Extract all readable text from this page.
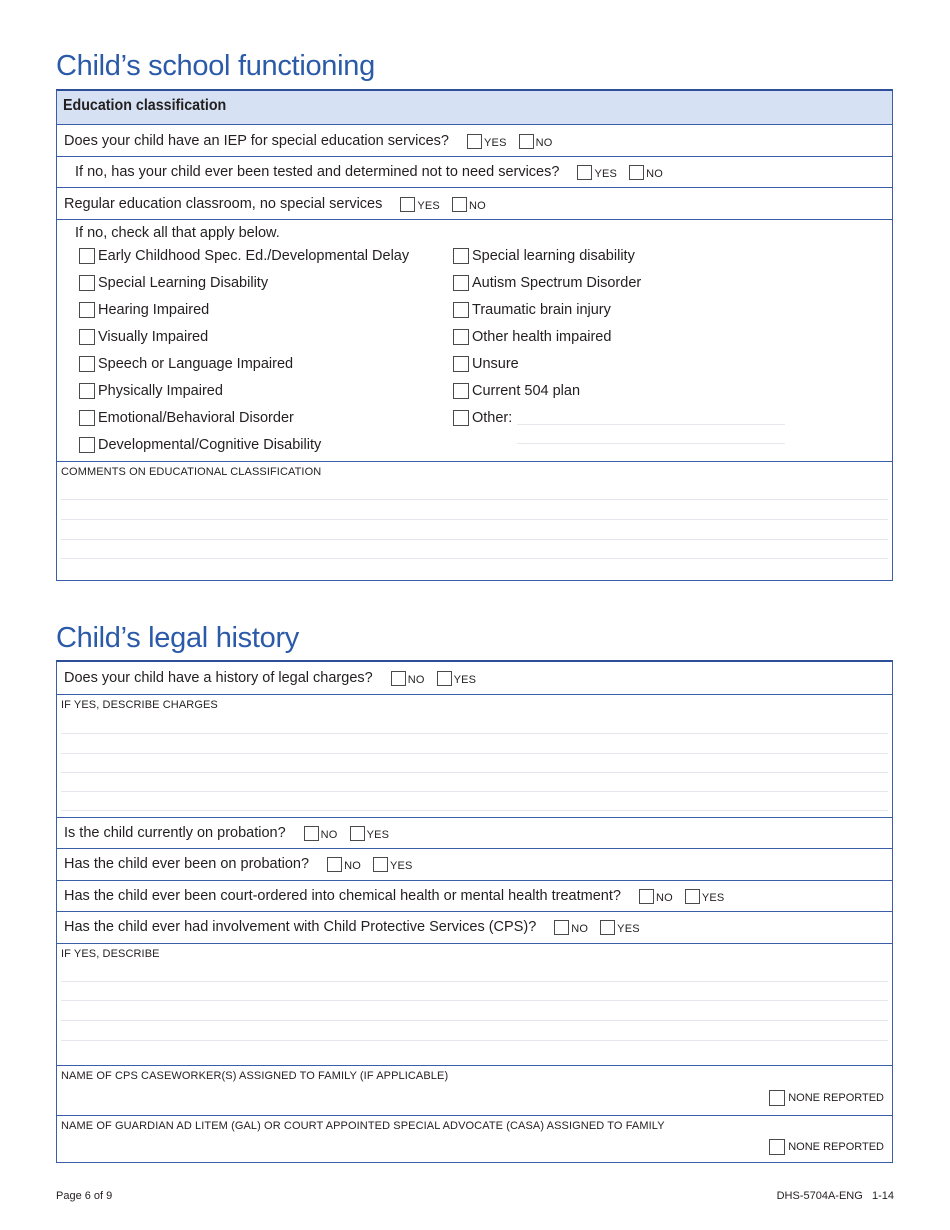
Child’s school functioning
Education classification
Does your child have an IEP for special education services?	YES	NO
If no, has your child ever been tested and determined not to need services?	YES	NO
Regular education classroom, no special services	YES	NO
If no, check all that apply below.
Early Childhood Spec. Ed./Developmental Delay
Special Learning Disability
Hearing Impaired
Visually Impaired
Speech or Language Impaired
Physically Impaired
Emotional/Behavioral Disorder
Developmental/Cognitive Disability
Special learning disability
Autism Spectrum Disorder
Traumatic brain injury
Other health impaired
Unsure
Current 504 plan
Other:
COMMENTS ON EDUCATIONAL CLASSIFICATION
Child’s legal history
Does your child have a history of legal charges?	NO	YES
IF YES, DESCRIBE CHARGES
Is the child currently on probation?	NO	YES
Has the child ever been on probation?	NO	YES
Has the child ever been court-ordered into chemical health or mental health treatment?	NO	YES
Has the child ever had involvement with Child Protective Services (CPS)?	NO	YES
IF YES, DESCRIBE
NAME OF CPS CASEWORKER(S) ASSIGNED TO FAMILY (IF APPLICABLE)
NONE REPORTED
NAME OF GUARDIAN AD LITEM (GAL) OR COURT APPOINTED SPECIAL ADVOCATE (CASA) ASSIGNED TO FAMILY
NONE REPORTED
Page 6 of 9	DHS-5704A-ENG   1-14
